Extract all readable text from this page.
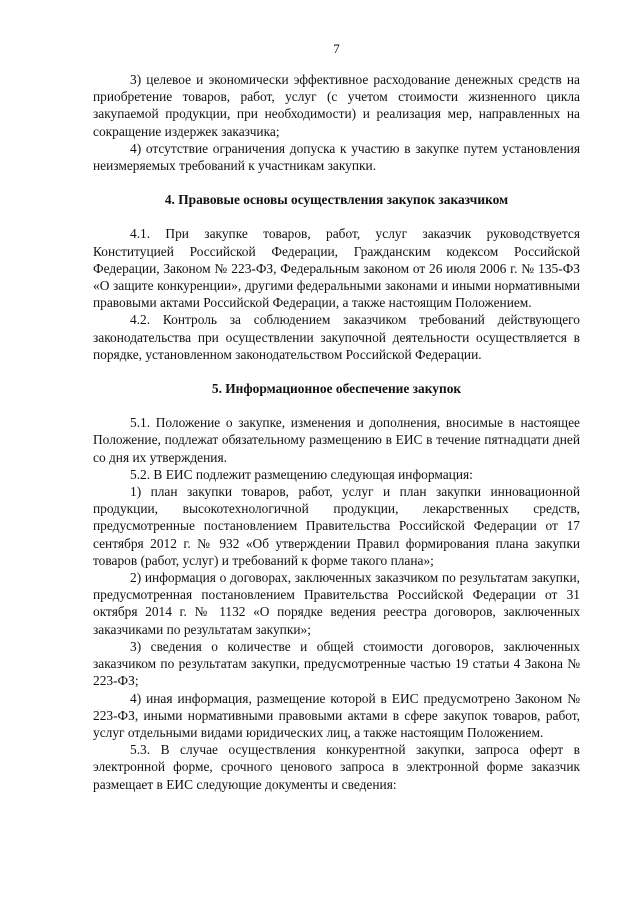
7

3) целевое и экономически эффективное расходование денежных средств на приобретение товаров, работ, услуг (с учетом стоимости жизненного цикла закупаемой продукции, при необходимости) и реализация мер, направленных на сокращение издержек заказчика;

4) отсутствие ограничения допуска к участию в закупке путем установления неизмеряемых требований к участникам закупки.

4. Правовые основы осуществления закупок заказчиком

4.1. При закупке товаров, работ, услуг заказчик руководствуется Конституцией Российской Федерации, Гражданским кодексом Российской Федерации, Законом № 223-ФЗ, Федеральным законом от 26 июля 2006 г. № 135-ФЗ «О защите конкуренции», другими федеральными законами и иными нормативными правовыми актами Российской Федерации, а также настоящим Положением.

4.2. Контроль за соблюдением заказчиком требований действующего законодательства при осуществлении закупочной деятельности осуществляется в порядке, установленном законодательством Российской Федерации.

5. Информационное обеспечение закупок

5.1. Положение о закупке, изменения и дополнения, вносимые в настоящее Положение, подлежат обязательному размещению в ЕИС в течение пятнадцати дней со дня их утверждения.

5.2. В ЕИС подлежит размещению следующая информация:

1) план закупки товаров, работ, услуг и план закупки инновационной продукции, высокотехнологичной продукции, лекарственных средств, предусмотренные постановлением Правительства Российской Федерации от 17 сентября 2012 г. № 932 «Об утверждении Правил формирования плана закупки товаров (работ, услуг) и требований к форме такого плана»;

2) информация о договорах, заключенных заказчиком по результатам закупки, предусмотренная постановлением Правительства Российской Федерации от 31 октября 2014 г. № 1132 «О порядке ведения реестра договоров, заключенных заказчиками по результатам закупки»;

3) сведения о количестве и общей стоимости договоров, заключенных заказчиком по результатам закупки, предусмотренные частью 19 статьи 4 Закона № 223-ФЗ;

4) иная информация, размещение которой в ЕИС предусмотрено Законом № 223-ФЗ, иными нормативными правовыми актами в сфере закупок товаров, работ, услуг отдельными видами юридических лиц, а также настоящим Положением.

5.3. В случае осуществления конкурентной закупки, запроса оферт в электронной форме, срочного ценового запроса в электронной форме заказчик размещает в ЕИС следующие документы и сведения:
